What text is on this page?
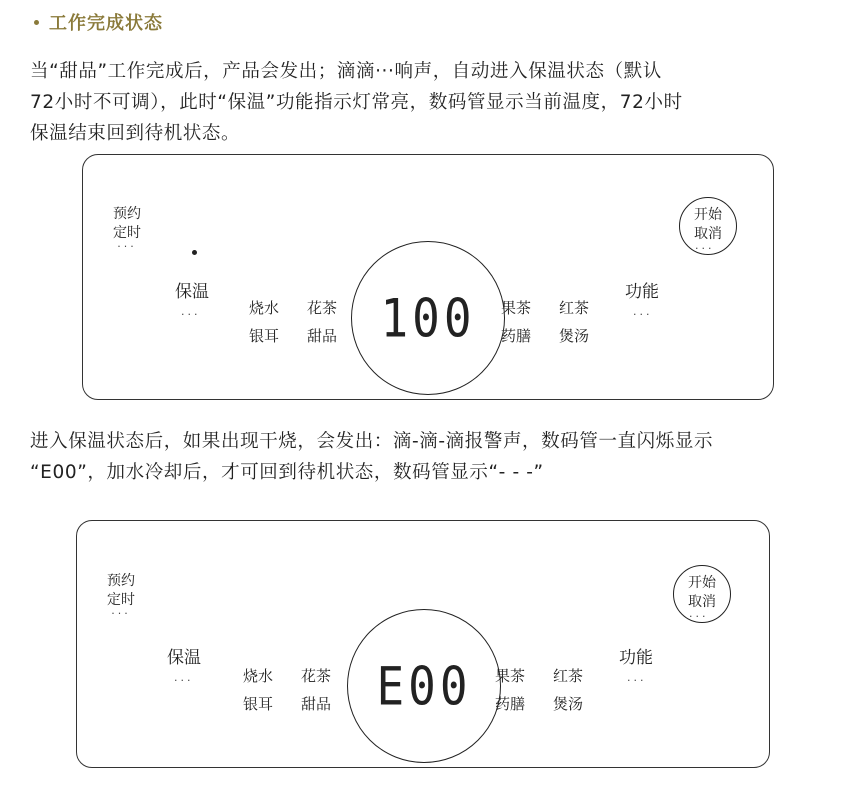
工作完成状态
当“甜品”工作完成后，产品会发出；滴滴···响声，自动进入保温状态（默认
72小时不可调），此时“保温”功能指示灯常亮，数码管显示当前温度，72小时
保温结束回到待机状态。
预约
定时
···
保温
···	烧水 花茶
银耳 甜品 100	果茶 红茶
药膳 煲汤
功能
···
开始
取消
···
进入保温状态后，如果出现干烧，会发出：滴-滴-滴报警声，数码管一直闪烁显示
“E00”，加水冷却后，才可回到待机状态，数码管显示“- - -”
预约
定时
···
保温
···	烧水 花茶
银耳 甜品 E00	果茶 红茶
药膳 煲汤
功能
···
开始
取消
···
